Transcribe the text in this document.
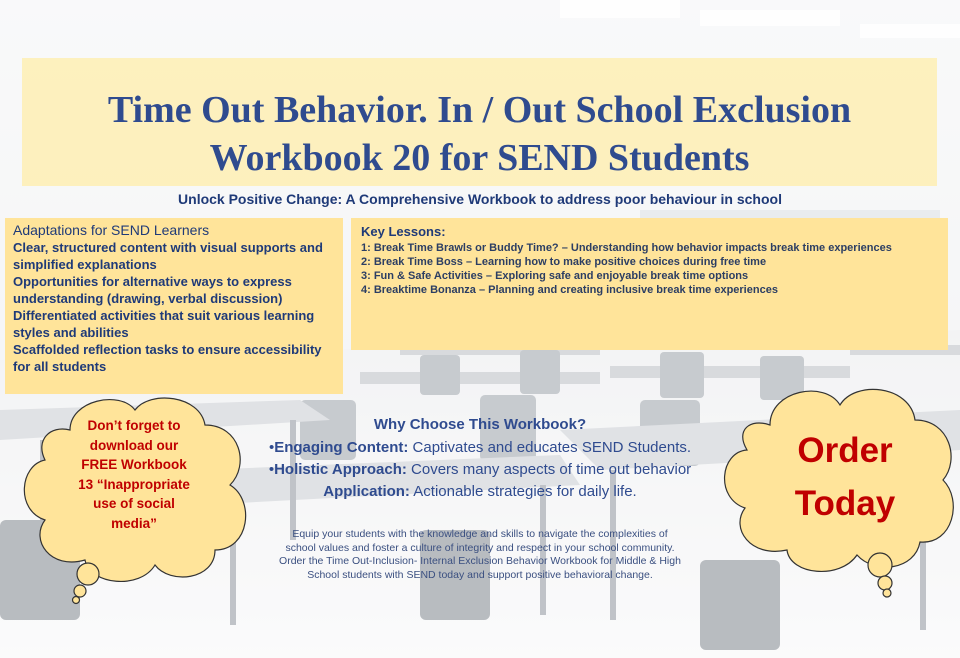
Time Out Behavior. In / Out School Exclusion
Workbook 20 for SEND Students
Unlock Positive Change: A Comprehensive Workbook to address poor behaviour in school
Adaptations for SEND Learners
Clear, structured content with visual supports and simplified explanations
Opportunities for alternative ways to express understanding (drawing, verbal discussion)
Differentiated activities that suit various learning styles and abilities
Scaffolded reflection tasks to ensure accessibility for all students
Key Lessons:
1: Break Time Brawls or Buddy Time? – Understanding how behavior impacts break time experiences
2: Break Time Boss – Learning how to make positive choices during free time
3: Fun & Safe Activities – Exploring safe and enjoyable break time options
4: Breaktime Bonanza – Planning and creating inclusive break time experiences
Why Choose This Workbook?
•Engaging Content: Captivates and educates SEND Students.
•Holistic Approach: Covers many aspects of time out behavior
Application: Actionable strategies for daily life.
Equip your students with the knowledge and skills to navigate the complexities of
school values and foster a culture of integrity and respect in your school community.
Order the Time Out-Inclusion- Internal Exclusion Behavior Workbook for Middle & High
School students with SEND today and support positive behavioral change.
Don’t forget to
download our
FREE Workbook
13 “Inappropriate
use of social
media”
Order
Today
